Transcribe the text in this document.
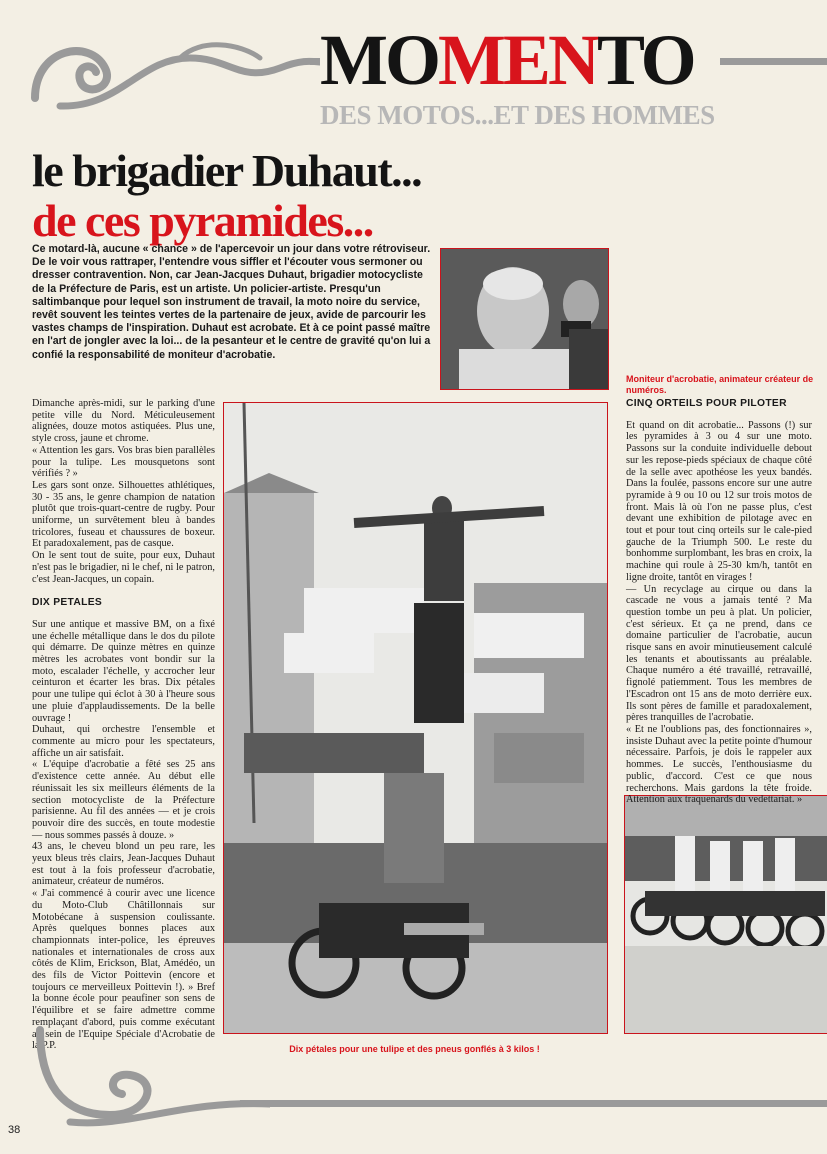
MOMENTO
DES MOTOS...ET DES HOMMES
le brigadier Duhaut...
de ces pyramides...
Ce motard-là, aucune « chance » de l'apercevoir un jour dans votre rétroviseur. De le voir vous rattraper, l'entendre vous siffler et l'écouter vous sermoner ou dresser contravention. Non, car Jean-Jacques Duhaut, brigadier motocycliste de la Préfecture de Paris, est un artiste. Un policier-artiste. Presqu'un saltimbanque pour lequel son instrument de travail, la moto noire du service, revêt souvent les teintes vertes de la partenaire de jeux, avide de parcourir les vastes champs de l'inspiration. Duhaut est acrobate. Et à ce point passé maître en l'art de jongler avec la loi... de la pesanteur et le centre de gravité qu'on lui a confié la responsabilité de moniteur d'acrobatie.
Moniteur d'acrobatie, animateur créateur de numéros.
Dix pétales pour une tulipe et des pneus gonflés à 3 kilos !

Dimanche après-midi, sur le parking d'une petite ville du Nord. Méticuleusement alignées, douze motos astiquées. Plus une, style cross, jaune et chrome.

« Attention les gars. Vos bras bien parallèles pour la tulipe. Les mousquetons sont vérifiés ? »

Les gars sont onze. Silhouettes athlétiques, 30 - 35 ans, le genre champion de natation plutôt que trois-quart-centre de rugby. Pour uniforme, un survêtement bleu à bandes tricolores, fuseau et chaussures de boxeur. Et paradoxalement, pas de casque.

On le sent tout de suite, pour eux, Duhaut n'est pas le brigadier, ni le chef, ni le patron, c'est Jean-Jacques, un copain.

DIX PETALES

Sur une antique et massive BM, on a fixé une échelle métallique dans le dos du pilote qui démarre. De quinze mètres en quinze mètres les acrobates vont bondir sur la moto, escalader l'échelle, y accrocher leur ceinturon et écarter les bras. Dix pétales pour une tulipe qui éclot à 30 à l'heure sous une pluie d'applaudissements. De la belle ouvrage !

Duhaut, qui orchestre l'ensemble et commente au micro pour les spectateurs, affiche un air satisfait.

« L'équipe d'acrobatie a fêté ses 25 ans d'existence cette année. Au début elle réunissait les six meilleurs éléments de la section motocycliste de la Préfecture parisienne. Au fil des années — et je crois pouvoir dire des succès, en toute modestie — nous sommes passés à douze. »

43 ans, le cheveu blond un peu rare, les yeux bleus très clairs, Jean-Jacques Duhaut est tout à la fois professeur d'acrobatie, animateur, créateur de numéros.

« J'ai commencé à courir avec une licence du Moto-Club Châtillonnais sur Motobécane à suspension coulissante. Après quelques bonnes places aux championnats inter-police, les épreuves nationales et internationales de cross aux côtés de Klim, Erickson, Blat, Amédéo, un des fils de Victor Poittevin (encore et toujours ce merveilleux Poittevin !). » Bref la bonne école pour peaufiner son sens de l'équilibre et se faire admettre comme remplaçant d'abord, puis comme exécutant au sein de l'Equipe Spéciale d'Acrobatie de la P.P.

CINQ ORTEILS POUR PILOTER

Et quand on dit acrobatie... Passons (!) sur les pyramides à 3 ou 4 sur une moto. Passons sur la conduite individuelle debout sur les repose-pieds spéciaux de chaque côté de la selle avec apothéose les yeux bandés. Dans la foulée, passons encore sur une autre pyramide à 9 ou 10 ou 12 sur trois motos de front. Mais là où l'on ne passe plus, c'est devant une exhibition de pilotage avec en tout et pour tout cinq orteils sur le cale-pied gauche de la Triumph 500. Le reste du bonhomme surplombant, les bras en croix, la machine qui roule à 25-30 km/h, tantôt en ligne droite, tantôt en virages !

— Un recyclage au cirque ou dans la cascade ne vous a jamais tenté ? Ma question tombe un peu à plat. Un policier, c'est sérieux. Et ça ne prend, dans ce domaine particulier de l'acrobatie, aucun risque sans en avoir minutieusement calculé les tenants et aboutissants au préalable. Chaque numéro a été travaillé, retravaillé, fignolé patiemment. Tous les membres de l'Escadron ont 15 ans de moto derrière eux. Ils sont pères de famille et paradoxalement, pères tranquilles de l'acrobatie.

« Et ne l'oublions pas, des fonctionnaires », insiste Duhaut avec la petite pointe d'humour nécessaire. Parfois, je dois le rappeler aux hommes. Le succès, l'enthousiasme du public, d'accord. C'est ce que nous recherchons. Mais gardons la tête froide. Attention aux traquenards du vedettariat. »

38
